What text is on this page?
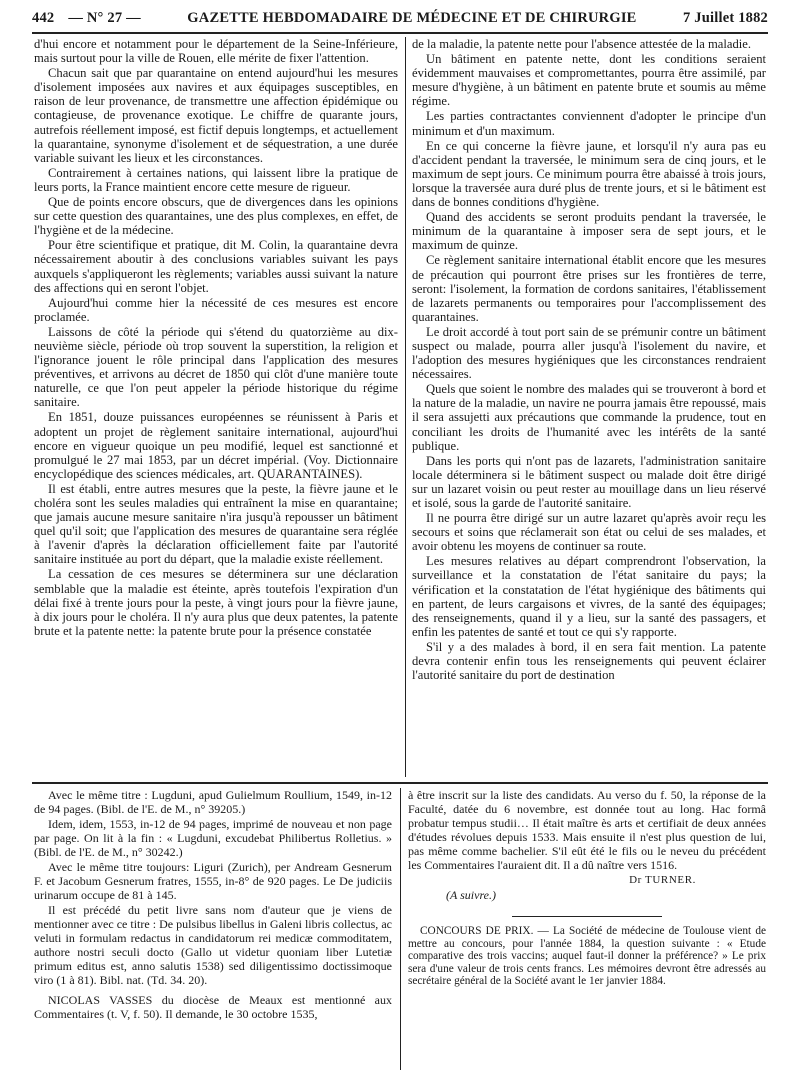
442 — N° 27 —	GAZETTE HEBDOMADAIRE DE MÉDECINE ET DE CHIRURGIE	7 Juillet 1882

d'hui encore et notamment pour le département de la Seine-Inférieure, mais surtout pour la ville de Rouen, elle mérite de fixer l'attention.

Chacun sait que par quarantaine on entend aujourd'hui les mesures d'isolement imposées aux navires et aux équipages susceptibles, en raison de leur provenance, de transmettre une affection épidémique ou contagieuse, de provenance exotique. Le chiffre de quarante jours, autrefois réellement imposé, est fictif depuis longtemps, et actuellement la quarantaine, synonyme d'isolement et de séquestration, a une durée variable suivant les lieux et les circonstances.

Contrairement à certaines nations, qui laissent libre la pratique de leurs ports, la France maintient encore cette mesure de rigueur.

Que de points encore obscurs, que de divergences dans les opinions sur cette question des quarantaines, une des plus complexes, en effet, de l'hygiène et de la médecine.

Pour être scientifique et pratique, dit M. Colin, la quarantaine devra nécessairement aboutir à des conclusions variables suivant les pays auxquels s'appliqueront les règlements; variables aussi suivant la nature des affections qui en seront l'objet.

Aujourd'hui comme hier la nécessité de ces mesures est encore proclamée.

Laissons de côté la période qui s'étend du quatorzième au dix-neuvième siècle, période où trop souvent la superstition, la religion et l'ignorance jouent le rôle principal dans l'application des mesures préventives, et arrivons au décret de 1850 qui clôt d'une manière toute naturelle, ce que l'on peut appeler la période historique du régime sanitaire.

En 1851, douze puissances européennes se réunissent à Paris et adoptent un projet de règlement sanitaire international, aujourd'hui encore en vigueur quoique un peu modifié, lequel est sanctionné et promulgué le 27 mai 1853, par un décret impérial. (Voy. Dictionnaire encyclopédique des sciences médicales, art. QUARANTAINES).

Il est établi, entre autres mesures que la peste, la fièvre jaune et le choléra sont les seules maladies qui entraînent la mise en quarantaine; que jamais aucune mesure sanitaire n'ira jusqu'à repousser un bâtiment quel qu'il soit; que l'application des mesures de quarantaine sera réglée à l'avenir d'après la déclaration officiellement faite par l'autorité sanitaire instituée au port du départ, que la maladie existe réellement.

La cessation de ces mesures se déterminera sur une déclaration semblable que la maladie est éteinte, après toutefois l'expiration d'un délai fixé à trente jours pour la peste, à vingt jours pour la fièvre jaune, à dix jours pour le choléra. Il n'y aura plus que deux patentes, la patente brute et la patente nette: la patente brute pour la présence constatée

de la maladie, la patente nette pour l'absence attestée de la maladie.

Un bâtiment en patente nette, dont les conditions seraient évidemment mauvaises et compromettantes, pourra être assimilé, par mesure d'hygiène, à un bâtiment en patente brute et soumis au même régime.

Les parties contractantes conviennent d'adopter le principe d'un minimum et d'un maximum.

En ce qui concerne la fièvre jaune, et lorsqu'il n'y aura pas eu d'accident pendant la traversée, le minimum sera de cinq jours, et le maximum de sept jours. Ce minimum pourra être abaissé à trois jours, lorsque la traversée aura duré plus de trente jours, et si le bâtiment est dans de bonnes conditions d'hygiène.

Quand des accidents se seront produits pendant la traversée, le minimum de la quarantaine à imposer sera de sept jours, et le maximum de quinze.

Ce règlement sanitaire international établit encore que les mesures de précaution qui pourront être prises sur les frontières de terre, seront: l'isolement, la formation de cordons sanitaires, l'établissement de lazarets permanents ou temporaires pour l'accomplissement des quarantaines.

Le droit accordé à tout port sain de se prémunir contre un bâtiment suspect ou malade, pourra aller jusqu'à l'isolement du navire, et l'adoption des mesures hygiéniques que les circonstances rendraient nécessaires.

Quels que soient le nombre des malades qui se trouveront à bord et la nature de la maladie, un navire ne pourra jamais être repoussé, mais il sera assujetti aux précautions que commande la prudence, tout en conciliant les droits de l'humanité avec les intérêts de la santé publique.

Dans les ports qui n'ont pas de lazarets, l'administration sanitaire locale déterminera si le bâtiment suspect ou malade doit être dirigé sur un lazaret voisin ou peut rester au mouillage dans un lieu réservé et isolé, sous la garde de l'autorité sanitaire.

Il ne pourra être dirigé sur un autre lazaret qu'après avoir reçu les secours et soins que réclamerait son état ou celui de ses malades, et avoir obtenu les moyens de continuer sa route.

Les mesures relatives au départ comprendront l'observation, la surveillance et la constatation de l'état sanitaire du pays; la vérification et la constatation de l'état hygiénique des bâtiments qui en partent, de leurs cargaisons et vivres, de la santé des équipages; des renseignements, quand il y a lieu, sur la santé des passagers, et enfin les patentes de santé et tout ce qui s'y rapporte.

S'il y a des malades à bord, il en sera fait mention. La patente devra contenir enfin tous les renseignements qui peuvent éclairer l'autorité sanitaire du port de destination

Avec le même titre : Lugduni, apud Gulielmum Roullium, 1549, in-12 de 94 pages. (Bibl. de l'E. de M., n° 39205.)

Idem, idem, 1553, in-12 de 94 pages, imprimé de nouveau et non page par page. On lit à la fin : « Lugduni, excudebat Philibertus Rolletius. » (Bibl. de l'E. de M., n° 30242.)

Avec le même titre toujours: Liguri (Zurich), per Andream Gesnerum F. et Jacobum Gesnerum fratres, 1555, in-8° de 920 pages. Le De judiciis urinarum occupe de 81 à 145.

Il est précédé du petit livre sans nom d'auteur que je viens de mentionner avec ce titre : De pulsibus libellus in Galeni libris collectus, ac veluti in formulam redactus in candidatorum rei medicæ commoditatem, authore nostri seculi docto (Gallo ut videtur quoniam liber Lutetiæ primum editus est, anno salutis 1538) sed diligentissimo doctissimoque viro (1 à 81). Bibl. nat. (Td. 34. 20).

NICOLAS VASSES du diocèse de Meaux est mentionné aux Commentaires (t. V, f. 50). Il demande, le 30 octobre 1535,

à être inscrit sur la liste des candidats. Au verso du f. 50, la réponse de la Faculté, datée du 6 novembre, est donnée tout au long. Hac formâ probatur tempus studii… Il était maître ès arts et certifiait de deux années d'études révolues depuis 1533. Mais ensuite il n'est plus question de lui, pas même comme bachelier. S'il eût été le fils ou le neveu du précédent les Commentaires l'auraient dit. Il a dû naître vers 1516.

Dr TURNER.

(A suivre.)

CONCOURS DE PRIX. — La Société de médecine de Toulouse vient de mettre au concours, pour l'année 1884, la question suivante : « Etude comparative des trois vaccins; auquel faut-il donner la préférence? » Le prix sera d'une valeur de trois cents francs. Les mémoires devront être adressés au secrétaire général de la Société avant le 1er janvier 1884.
